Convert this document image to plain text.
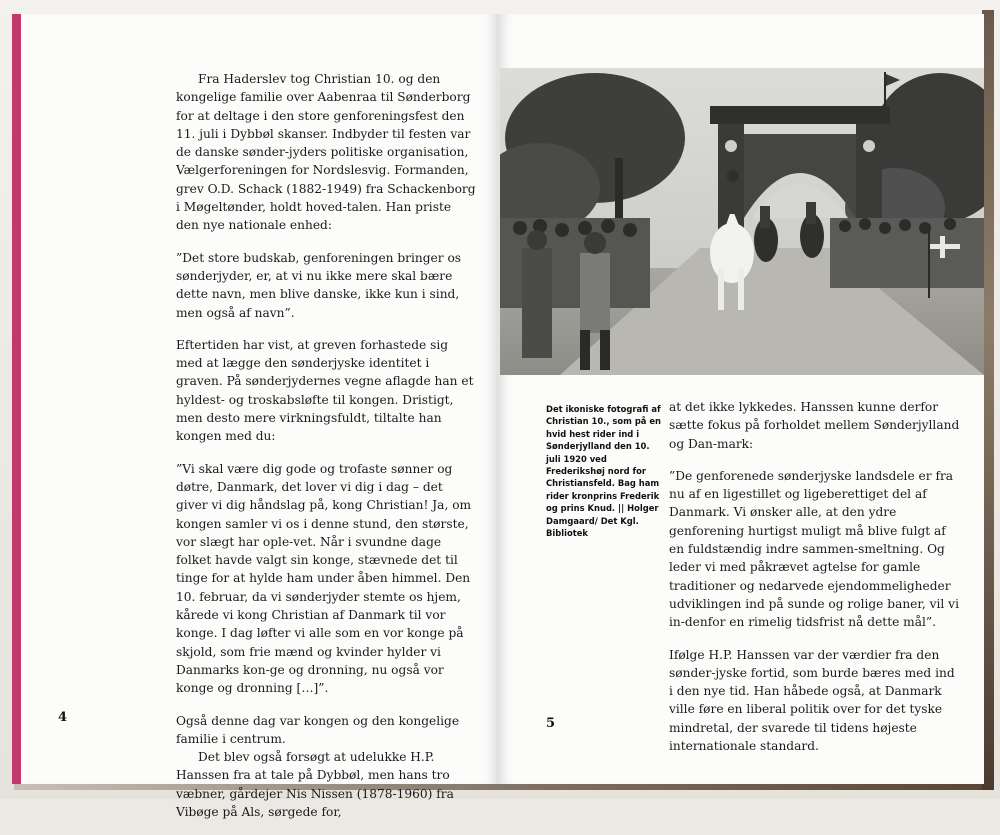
Fra Haderslev tog Christian 10. og den kongelige familie over Aabenraa til Sønderborg for at deltage i den store genforeningsfest den 11. juli i Dybbøl skanser. Indbyder til festen var de danske sønder-jyders politiske organisation, Vælgerforeningen for Nordslesvig. Formanden, grev O.D. Schack (1882-1949) fra Schackenborg i Møgeltønder, holdt hoved-talen. Han priste den nye nationale enhed:

”Det store budskab, genforeningen bringer os sønderjyder, er, at vi nu ikke mere skal bære dette navn, men blive danske, ikke kun i sind, men også af navn”.

Eftertiden har vist, at greven forhastede sig med at lægge den sønderjyske identitet i graven. På sønderjydernes vegne aflagde han et hyldest- og troskabsløfte til kongen. Dristigt, men desto mere virkningsfuldt, tiltalte han kongen med du:

”Vi skal være dig gode og trofaste sønner og døtre, Danmark, det lover vi dig i dag – det giver vi dig håndslag på, kong Christian! Ja, om kongen samler vi os i denne stund, den største, vor slægt har ople-vet. Når i svundne dage folket havde valgt sin konge, stævnede det til tinge for at hylde ham under åben himmel. Den 10. februar, da vi sønderjyder stemte os hjem, kårede vi kong Christian af Danmark til vor konge. I dag løfter vi alle som en vor konge på skjold, som frie mænd og kvinder hylder vi Danmarks kon-ge og dronning, nu også vor konge og dronning […]”.

Også denne dag var kongen og den kongelige familie i centrum.

Det blev også forsøgt at udelukke H.P. Hanssen fra at tale på Dybbøl, men hans tro væbner, gårdejer Nis Nissen (1878-1960) fra Vibøge på Als, sørgede for,

4
Det ikoniske fotografi af Christian 10., som på en hvid hest rider ind i Sønderjylland den 10. juli 1920 ved Frederikshøj nord for Christiansfeld. Bag ham rider kronprins Frederik og prins Knud. || Holger Damgaard/ Det Kgl. Bibliotek

at det ikke lykkedes. Hanssen kunne derfor sætte fokus på forholdet mellem Sønderjylland og Dan-mark:

”De genforenede sønderjyske landsdele er fra nu af en ligestillet og ligeberettiget del af Danmark. Vi ønsker alle, at den ydre genforening hurtigst muligt må blive fulgt af en fuldstændig indre sammen-smeltning. Og leder vi med påkrævet agtelse for gamle traditioner og nedarvede ejendommeligheder udviklingen ind på sunde og rolige baner, vil vi in-denfor en rimelig tidsfrist nå dette mål”.

Ifølge H.P. Hanssen var der værdier fra den sønder-jyske fortid, som burde bæres med ind i den nye tid. Han håbede også, at Danmark ville føre en liberal politik over for det tyske mindretal, der svarede til tidens højeste internationale standard.

5
